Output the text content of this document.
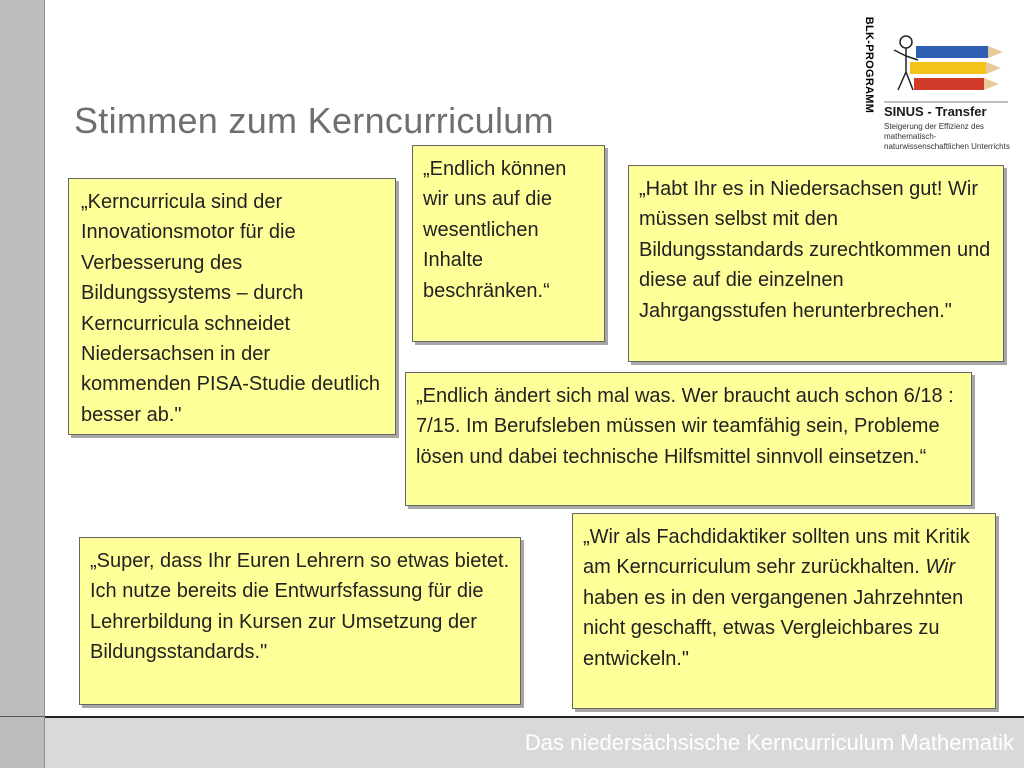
Stimmen zum Kerncurriculum
BLK-PROGRAMM SINUS - Transfer
Steigerung der Effizienz des mathematisch-naturwissenschaftlichen Unterrichts
„Kerncurricula sind der Innovationsmotor für die Verbesserung des Bildungssystems – durch Kerncurricula schneidet Niedersachsen in der kommenden PISA-Studie deutlich besser ab."
„Endlich können wir uns auf die wesentlichen Inhalte beschränken.“
„Habt Ihr es in Niedersachsen gut! Wir müssen selbst mit den Bildungsstandards zurechtkommen und diese auf die einzelnen Jahrgangsstufen herunterbrechen."
„Endlich ändert sich mal was. Wer braucht auch schon 6/18 : 7/15. Im Berufsleben müssen wir teamfähig sein, Probleme lösen und dabei technische Hilfsmittel sinnvoll einsetzen.“
„Super, dass Ihr Euren Lehrern so etwas bietet. Ich nutze bereits die Entwurfsfassung für die Lehrerbildung in Kursen zur Umsetzung der Bildungsstandards."
„Wir als Fachdidaktiker sollten uns mit Kritik am Kerncurriculum sehr zurückhalten. Wir haben es in den vergangenen Jahrzehnten nicht geschafft, etwas Vergleichbares zu entwickeln."
Das niedersächsische Kerncurriculum Mathematik
